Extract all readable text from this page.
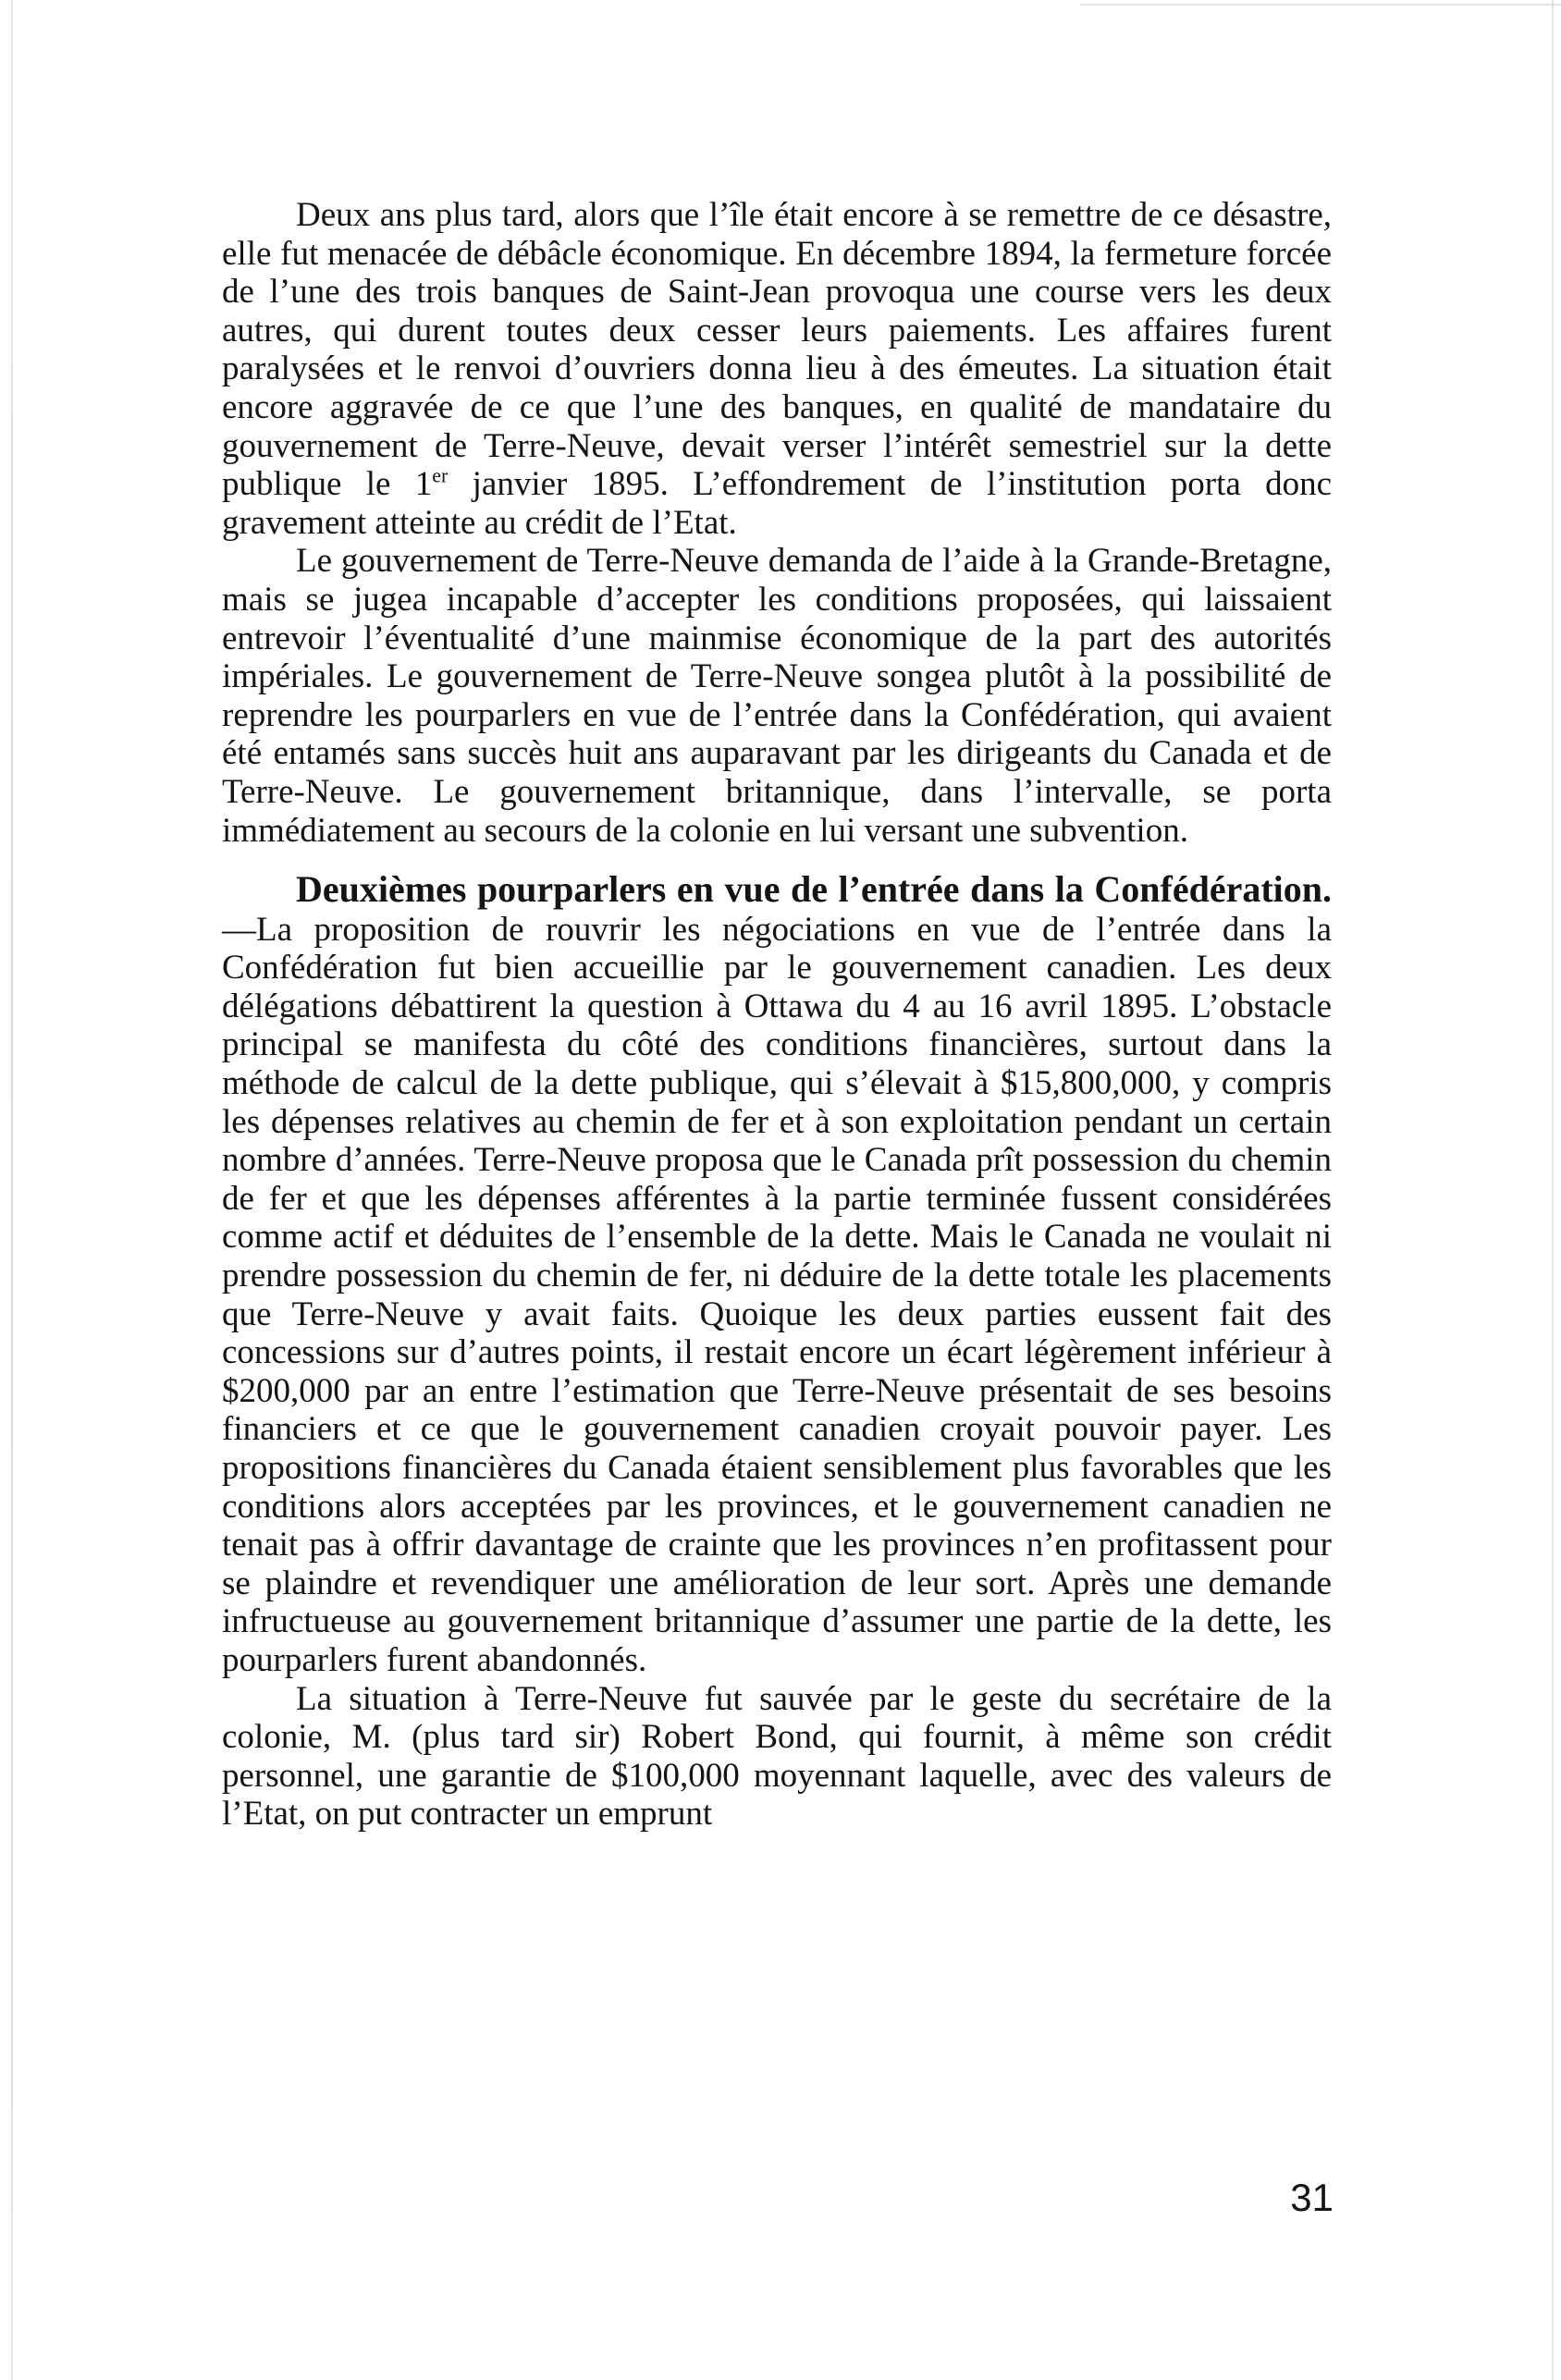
Deux ans plus tard, alors que l’île était encore à se remettre de ce désastre, elle fut menacée de débâcle économique. En décembre 1894, la fermeture forcée de l’une des trois banques de Saint-Jean provoqua une course vers les deux autres, qui durent toutes deux cesser leurs paiements. Les affaires furent paralysées et le renvoi d’ouvriers donna lieu à des émeutes. La situation était encore aggravée de ce que l’une des banques, en qualité de mandataire du gouvernement de Terre-Neuve, devait verser l’intérêt semestriel sur la dette publique le 1er janvier 1895. L’effondrement de l’institution porta donc gravement atteinte au crédit de l’Etat.

Le gouvernement de Terre-Neuve demanda de l’aide à la Grande-Bretagne, mais se jugea incapable d’accepter les conditions proposées, qui laissaient entrevoir l’éventualité d’une mainmise économique de la part des autorités impériales. Le gouvernement de Terre-Neuve songea plutôt à la possibilité de reprendre les pourparlers en vue de l’entrée dans la Confédération, qui avaient été entamés sans succès huit ans auparavant par les dirigeants du Canada et de Terre-Neuve. Le gouvernement britannique, dans l’intervalle, se porta immédiatement au secours de la colonie en lui versant une subvention.

Deuxièmes pourparlers en vue de l’entrée dans la Confédération.—La proposition de rouvrir les négociations en vue de l’entrée dans la Confédération fut bien accueillie par le gouvernement canadien. Les deux délégations débattirent la question à Ottawa du 4 au 16 avril 1895. L’obstacle principal se manifesta du côté des conditions financières, surtout dans la méthode de calcul de la dette publique, qui s’élevait à $15,800,000, y compris les dépenses relatives au chemin de fer et à son exploitation pendant un certain nombre d’années. Terre-Neuve proposa que le Canada prît possession du chemin de fer et que les dépenses afférentes à la partie terminée fussent considérées comme actif et déduites de l’ensemble de la dette. Mais le Canada ne voulait ni prendre possession du chemin de fer, ni déduire de la dette totale les placements que Terre-Neuve y avait faits. Quoique les deux parties eussent fait des concessions sur d’autres points, il restait encore un écart légèrement inférieur à $200,000 par an entre l’estimation que Terre-Neuve présentait de ses besoins financiers et ce que le gouvernement canadien croyait pouvoir payer. Les propositions financières du Canada étaient sensiblement plus favorables que les conditions alors acceptées par les provinces, et le gouvernement canadien ne tenait pas à offrir davantage de crainte que les provinces n’en profitassent pour se plaindre et revendiquer une amélioration de leur sort. Après une demande infructueuse au gouvernement britannique d’assumer une partie de la dette, les pourparlers furent abandonnés.

La situation à Terre-Neuve fut sauvée par le geste du secrétaire de la colonie, M. (plus tard sir) Robert Bond, qui fournit, à même son crédit personnel, une garantie de $100,000 moyennant laquelle, avec des valeurs de l’Etat, on put contracter un emprunt

31
